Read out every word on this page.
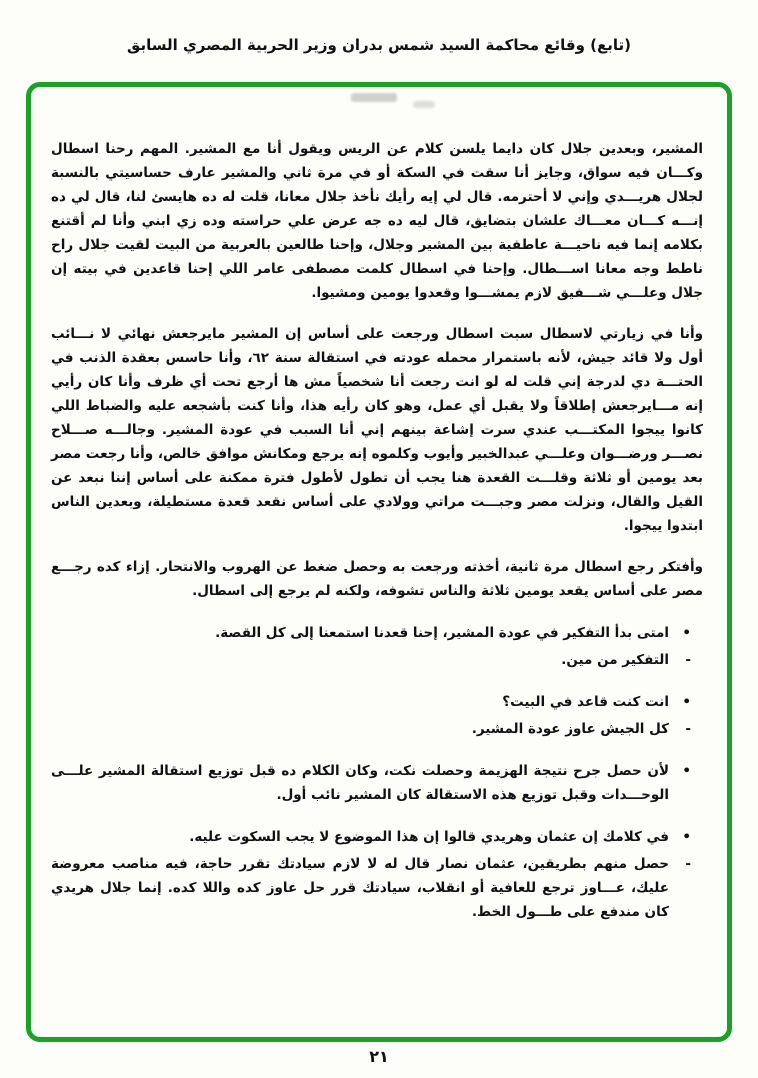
(تابع) وقائع محاكمة السيد شمس بدران وزير الحربية المصري السابق

المشير، وبعدين جلال كان دايما يلسن كلام عن الريس ويقول أنا مع المشير. المهم رحنا اسطال وكـــان فيه سواق، وجايز أنا سقت في السكة أو في مرة ثاني والمشير عارف حساسيتي بالنسبة لجلال هريـــدي وإني لا أحترمه. قال لي إيه رأيك نأخذ جلال معانا، قلت له ده هايسئ لنا، قال لي ده إنـــه كـــان معـــاك علشان بتضايق، قال ليه ده جه عرض علي حراسته وده زي ابني وأنا لم أقتنع بكلامه إنما فيه ناحيـــة عاطفية بين المشير وجلال، وإحنا طالعين بالعربية من البيت لقيت جلال راح ناطط وجه معانا اســـطال. وإحنا في اسطال كلمت مصطفى عامر اللي إحنا قاعدين في بيته إن جلال وعلـــي شـــفيق لازم يمشـــوا وقعدوا يومين ومشيوا.

وأنا في زيارتي لاسطال سبت اسطال ورجعت على أساس إن المشير مايرجعش نهائي لا نـــائب أول ولا قائد جيش، لأنه باستمرار محمله عودته في استقالة سنة ٦٢، وأنا حاسس بعقدة الذنب في الحتـــة دي لدرجة إني قلت له لو انت رجعت أنا شخصياً مش ها أرجع تحت أي ظرف وأنا كان رأيي إنه مـــايرجعش إطلاقاً ولا يقبل أي عمل، وهو كان رأيه هذا، وأنا كنت بأشجعه عليه والضباط اللي كانوا ييجوا المكتـــب عندي سرت إشاعة بينهم إني أنا السبب في عودة المشير. وجالـــه صـــلاح نصـــر ورضـــوان وعلـــي عبدالخبير وأيوب وكلموه إنه يرجع ومكانش موافق خالص، وأنا رجعت مصر بعد يومين أو ثلاثة وقلـــت القعدة هنا يجب أن تطول لأطول فترة ممكنة على أساس إننا نبعد عن القيل والقال، ونزلت مصر وجبـــت مراتي وولادي على أساس نقعد قعدة مستطيلة، وبعدين الناس ابتدوا ييجوا.

وأفتكر رجع اسطال مرة ثانية، أخذته ورجعت به وحصل ضغط عن الهروب والانتحار. إزاء كده رجـــع مصر على أساس يقعد يومين ثلاثة والناس تشوفه، ولكنه لم يرجع إلى اسطال.

•
امتى بدأ التفكير في عودة المشير، إحنا قعدنا استمعنا إلى كل القصة.
-
التفكير من مين.
•
انت كنت قاعد في البيت؟
-
كل الجيش عاوز عودة المشير.
•
لأن حصل جرح نتيجة الهزيمة وحصلت نكت، وكان الكلام ده قبل توزيع استقالة المشير علـــى الوحـــدات وقبل توزيع هذه الاستقالة كان المشير نائب أول.
•
في كلامك إن عثمان وهريدي قالوا إن هذا الموضوع لا يجب السكوت عليه.
-
حصل منهم بطريقين، عثمان نصار قال له لا لازم سيادتك تقرر حاجة، فيه مناصب معروضة عليك، عـــاوز ترجع للعافية أو انقلاب، سيادتك قرر حل عاوز كده واللا كده. إنما جلال هريدي كان مندفع على طـــول الخط.
٢١
